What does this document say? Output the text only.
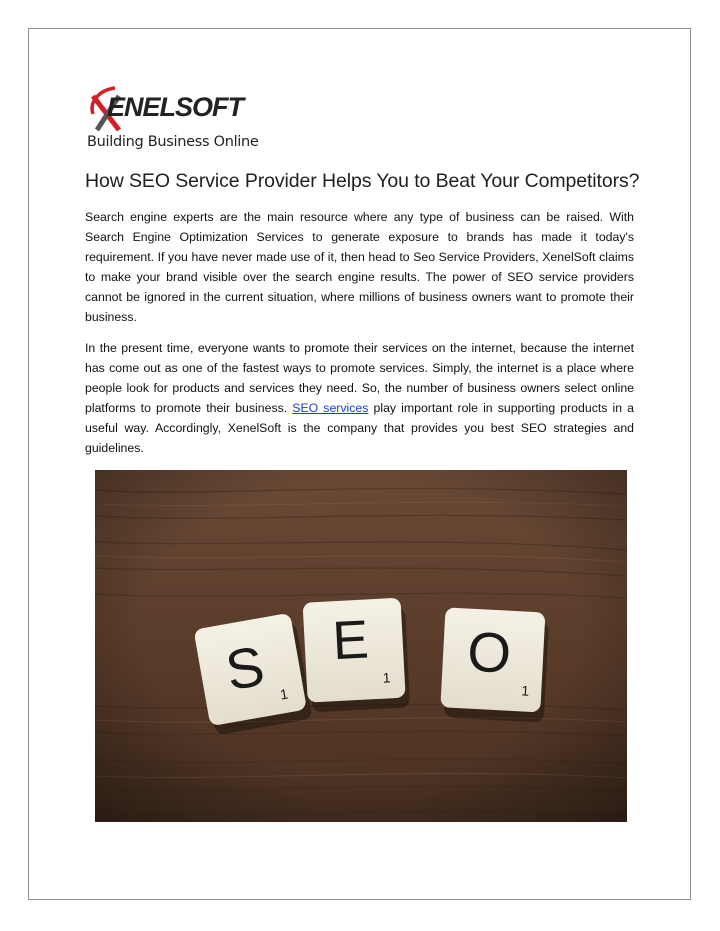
ENELSOFT
Building Business Online
How SEO Service Provider Helps You to Beat Your Competitors?

Search engine experts are the main resource where any type of business can be raised. With Search Engine Optimization Services to generate exposure to brands has made it today's requirement. If you have never made use of it, then head to Seo Service Providers, XenelSoft claims to make your brand visible over the search engine results. The power of SEO service providers cannot be ignored in the current situation, where millions of business owners want to promote their business.

In the present time, everyone wants to promote their services on the internet, because the internet has come out as one of the fastest ways to promote services. Simply, the internet is a place where people look for products and services they need. So, the number of business owners select online platforms to promote their business. SEO services play important role in supporting products in a useful way. Accordingly, XenelSoft is the company that provides you best SEO strategies and guidelines.

S 1
E
1 O
1
